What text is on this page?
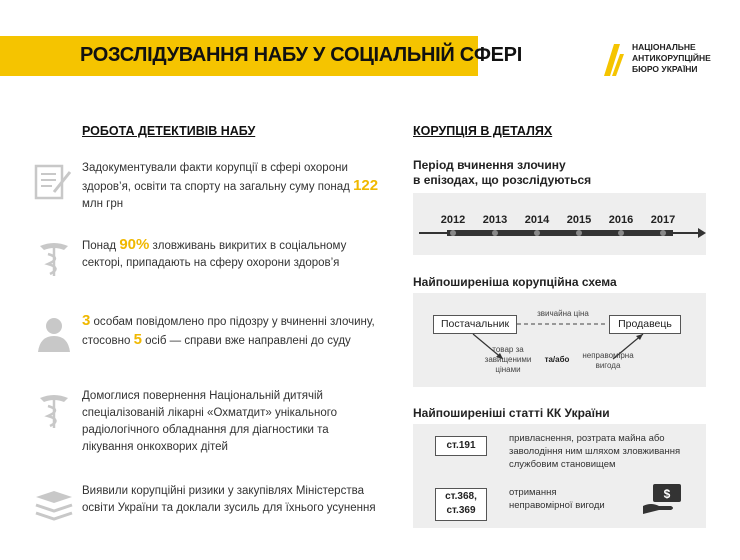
РОЗСЛІДУВАННЯ НАБУ У СОЦІАЛЬНІЙ СФЕРІ	НАЦІОНАЛЬНЕ
АНТИКОРУПЦІЙНЕ
БЮРО УКРАЇНИ
РОБОТА ДЕТЕКТИВІВ НАБУ
Задокументували факти корупції в сфері охорони здоров’я, освіти та спорту на загальну суму понад 122 млн грн
Понад 90% зловживань викритих в соціальному секторі, припадають на сферу охорони здоров’я
3 особам повідомлено про підозру у вчиненні злочину, стосовно 5 осіб — справи вже направлені до суду
Домоглися повернення Національній дитячій спеціалізованій лікарні «Охматдит» унікального радіологічного обладнання для діагностики та лікування онкохворих дітей
Виявили корупційні ризики у закупівлях Міністерства освіти України та доклали зусиль для їхнього усунення
КОРУПЦІЯ В ДЕТАЛЯХ
Період вчинення злочину
в епізодах, що розслідуються
2012 2013 2014 2015 2016 2017
Найпоширеніша корупційна схема
Постачальник	Продавець
звичайна ціна
товар за
завищеними
цінами
та/або	неправомірна
вигода
Найпоширеніші статті КК України
ст.191
привласнення, розтрата майна або
заволодіння ним шляхом зловживання
службовим становищем
ст.368,
ст.369
отримання
неправомірної вигоди
$
